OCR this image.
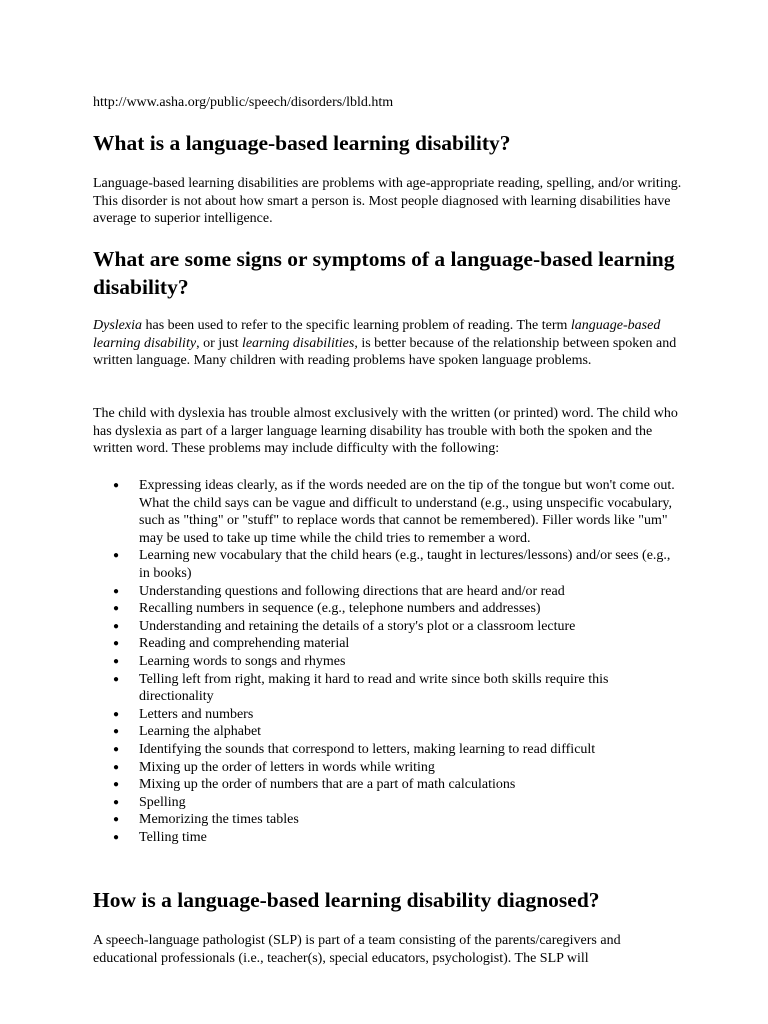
http://www.asha.org/public/speech/disorders/lbld.htm
What is a language-based learning disability?

Language-based learning disabilities are problems with age-appropriate reading, spelling, and/or writing. This disorder is not about how smart a person is. Most people diagnosed with learning disabilities have average to superior intelligence.

What are some signs or symptoms of a language-based learning disability?

Dyslexia has been used to refer to the specific learning problem of reading. The term language-based learning disability, or just learning disabilities, is better because of the relationship between spoken and written language. Many children with reading problems have spoken language problems.

The child with dyslexia has trouble almost exclusively with the written (or printed) word. The child who has dyslexia as part of a larger language learning disability has trouble with both the spoken and the written word. These problems may include difficulty with the following:

● Expressing ideas clearly, as if the words needed are on the tip of the tongue but won't come out. What the child says can be vague and difficult to understand (e.g., using unspecific vocabulary, such as "thing" or "stuff" to replace words that cannot be remembered). Filler words like "um" may be used to take up time while the child tries to remember a word.
● Learning new vocabulary that the child hears (e.g., taught in lectures/lessons) and/or sees (e.g., in books)
● Understanding questions and following directions that are heard and/or read
● Recalling numbers in sequence (e.g., telephone numbers and addresses)
● Understanding and retaining the details of a story's plot or a classroom lecture
● Reading and comprehending material
● Learning words to songs and rhymes
● Telling left from right, making it hard to read and write since both skills require this directionality
● Letters and numbers
● Learning the alphabet
● Identifying the sounds that correspond to letters, making learning to read difficult
● Mixing up the order of letters in words while writing
● Mixing up the order of numbers that are a part of math calculations
● Spelling
● Memorizing the times tables
● Telling time
How is a language-based learning disability diagnosed?

A speech-language pathologist (SLP) is part of a team consisting of the parents/caregivers and educational professionals (i.e., teacher(s), special educators, psychologist). The SLP will
